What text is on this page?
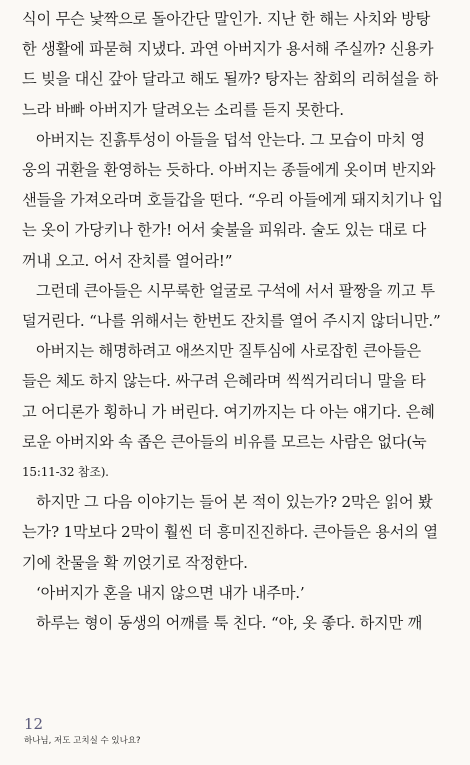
식이 무슨 낯짝으로 돌아간단 말인가. 지난 한 해는 사치와 방탕
한 생활에 파묻혀 지냈다. 과연 아버지가 용서해 주실까? 신용카
드 빚을 대신 갚아 달라고 해도 될까? 탕자는 참회의 리허설을 하
느라 바빠 아버지가 달려오는 소리를 듣지 못한다.

아버지는 진흙투성이 아들을 덥석 안는다. 그 모습이 마치 영
웅의 귀환을 환영하는 듯하다. 아버지는 종들에게 옷이며 반지와
샌들을 가져오라며 호들갑을 떤다. “우리 아들에게 돼지치기나 입
는 옷이 가당키나 한가! 어서 숯불을 피워라. 술도 있는 대로 다
꺼내 오고. 어서 잔치를 열어라!”

그런데 큰아들은 시무룩한 얼굴로 구석에 서서 팔짱을 끼고 투
덜거린다. “나를 위해서는 한번도 잔치를 열어 주시지 않더니만.”

아버지는 해명하려고 애쓰지만 질투심에 사로잡힌 큰아들은
들은 체도 하지 않는다. 싸구려 은혜라며 씩씩거리더니 말을 타
고 어디론가 횡하니 가 버린다. 여기까지는 다 아는 얘기다. 은혜
로운 아버지와 속 좁은 큰아들의 비유를 모르는 사람은 없다(눅
15:11-32 참조).

하지만 그 다음 이야기는 들어 본 적이 있는가? 2막은 읽어 봤
는가? 1막보다 2막이 훨씬 더 흥미진진하다. 큰아들은 용서의 열
기에 찬물을 확 끼얹기로 작정한다.

‘아버지가 혼을 내지 않으면 내가 내주마.’

하루는 형이 동생의 어깨를 툭 친다. “야, 옷 좋다. 하지만 깨

12
하나님, 저도 고치실 수 있나요?
